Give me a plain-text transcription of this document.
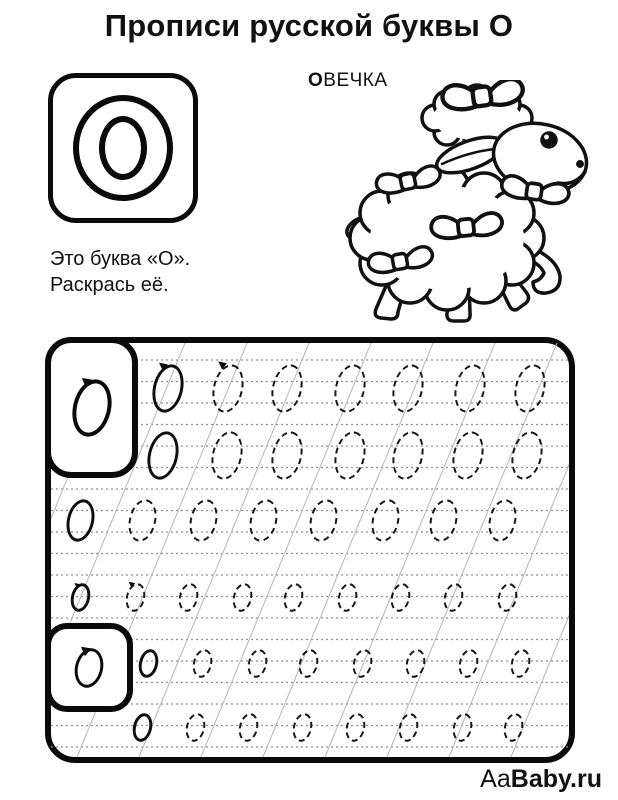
Прописи русской буквы О
Это буква «О».
Раскрась её.
ОВЕЧКА
AaBaby.ru
